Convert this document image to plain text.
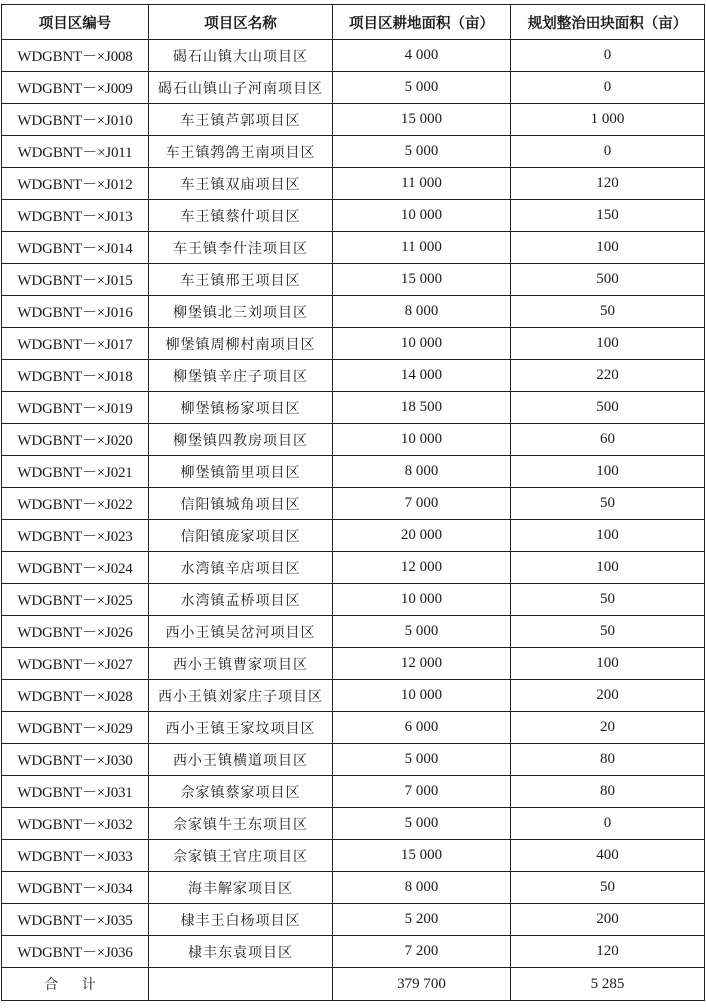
项目区编号	项目区名称	项目区耕地面积（亩）	规划整治田块面积（亩）
WDGBNT－×J008	碣石山镇大山项目区	4 000	0
WDGBNT－×J009	碣石山镇山子河南项目区	5 000	0
WDGBNT－×J010	车王镇芦郭项目区	15 000	1 000
WDGBNT－×J011	车王镇鹁鸽王南项目区	5 000	0
WDGBNT－×J012	车王镇双庙项目区	11 000	120
WDGBNT－×J013	车王镇蔡什项目区	10 000	150
WDGBNT－×J014	车王镇李什洼项目区	11 000	100
WDGBNT－×J015	车王镇邢王项目区	15 000	500
WDGBNT－×J016	柳堡镇北三刘项目区	8 000	50
WDGBNT－×J017	柳堡镇周柳村南项目区	10 000	100
WDGBNT－×J018	柳堡镇辛庄子项目区	14 000	220
WDGBNT－×J019	柳堡镇杨家项目区	18 500	500
WDGBNT－×J020	柳堡镇四教房项目区	10 000	60
WDGBNT－×J021	柳堡镇箭里项目区	8 000	100
WDGBNT－×J022	信阳镇城角项目区	7 000	50
WDGBNT－×J023	信阳镇庞家项目区	20 000	100
WDGBNT－×J024	水湾镇辛店项目区	12 000	100
WDGBNT－×J025	水湾镇孟桥项目区	10 000	50
WDGBNT－×J026	西小王镇吴岔河项目区	5 000	50
WDGBNT－×J027	西小王镇曹家项目区	12 000	100
WDGBNT－×J028	西小王镇刘家庄子项目区	10 000	200
WDGBNT－×J029	西小王镇王家坟项目区	6 000	20
WDGBNT－×J030	西小王镇横道项目区	5 000	80
WDGBNT－×J031	佘家镇蔡家项目区	7 000	80
WDGBNT－×J032	佘家镇牛王东项目区	5 000	0
WDGBNT－×J033	佘家镇王官庄项目区	15 000	400
WDGBNT－×J034	海丰解家项目区	8 000	50
WDGBNT－×J035	棣丰王白杨项目区	5 200	200
WDGBNT－×J036	棣丰东袁项目区	7 200	120
合 计		379 700	5 285
